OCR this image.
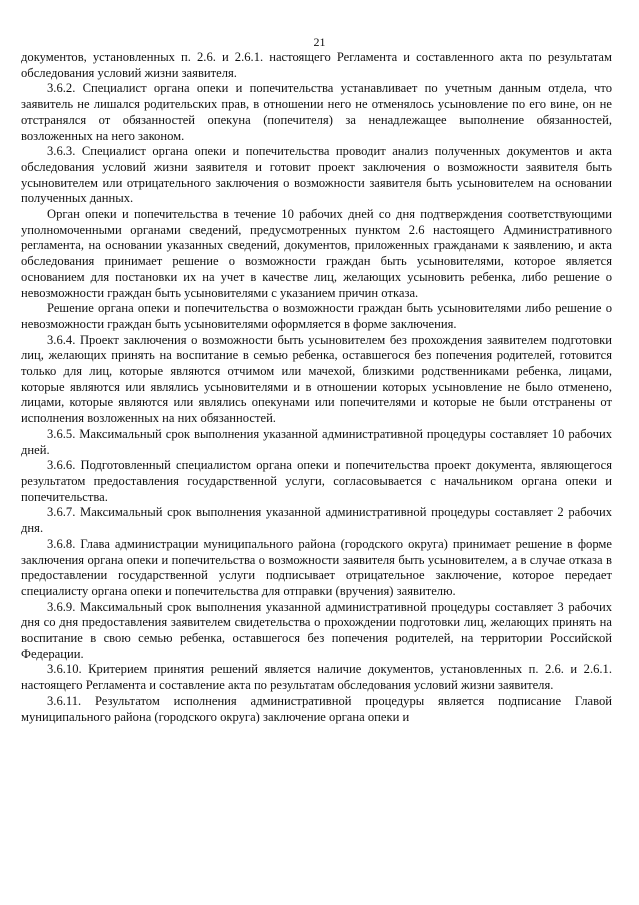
21

документов, установленных п. 2.6. и 2.6.1. настоящего Регламента и составленного акта по результатам обследования условий жизни заявителя.

3.6.2. Специалист органа опеки и попечительства устанавливает по учетным данным отдела, что заявитель не лишался родительских прав, в отношении него не отменялось усыновление по его вине, он не отстранялся от обязанностей опекуна (попечителя) за ненадлежащее выполнение обязанностей, возложенных на него законом.

3.6.3. Специалист органа опеки и попечительства проводит анализ полученных документов и акта обследования условий жизни заявителя и готовит проект заключения о возможности заявителя быть усыновителем или отрицательного заключения о возможности заявителя быть усыновителем на основании полученных данных.

Орган опеки и попечительства в течение 10 рабочих дней со дня подтверждения соответствующими уполномоченными органами сведений, предусмотренных пунктом 2.6 настоящего Административного регламента, на основании указанных сведений, документов, приложенных гражданами к заявлению, и акта обследования принимает решение о возможности граждан быть усыновителями, которое является основанием для постановки их на учет в качестве лиц, желающих усыновить ребенка, либо решение о невозможности граждан быть усыновителями с указанием причин отказа.

Решение органа опеки и попечительства о возможности граждан быть усыновителями либо решение о невозможности граждан быть усыновителями оформляется в форме заключения.

3.6.4. Проект заключения о возможности быть усыновителем без прохождения заявителем подготовки лиц, желающих принять на воспитание в семью ребенка, оставшегося без попечения родителей, готовится только для лиц, которые являются отчимом или мачехой, близкими родственниками ребенка, лицами, которые являются или являлись усыновителями и в отношении которых усыновление не было отменено, лицами, которые являются или являлись опекунами или попечителями и которые не были отстранены от исполнения возложенных на них обязанностей.

3.6.5. Максимальный срок выполнения указанной административной процедуры составляет 10 рабочих дней.

3.6.6. Подготовленный специалистом органа опеки и попечительства проект документа, являющегося результатом предоставления государственной услуги, согласовывается с начальником органа опеки и попечительства.

3.6.7. Максимальный срок выполнения указанной административной процедуры составляет 2 рабочих дня.

3.6.8. Глава администрации муниципального района (городского округа) принимает решение в форме заключения органа опеки и попечительства о возможности заявителя быть усыновителем, а в случае отказа в предоставлении государственной услуги подписывает отрицательное заключение, которое передает специалисту органа опеки и попечительства для отправки (вручения) заявителю.

3.6.9. Максимальный срок выполнения указанной административной процедуры составляет 3 рабочих дня со дня предоставления заявителем свидетельства о прохождении подготовки лиц, желающих принять на воспитание в свою семью ребенка, оставшегося без попечения родителей, на территории Российской Федерации.

3.6.10. Критерием принятия решений является наличие документов, установленных п. 2.6. и 2.6.1. настоящего Регламента и составление акта по результатам обследования условий жизни заявителя.

3.6.11. Результатом исполнения административной процедуры является подписание Главой муниципального района (городского округа) заключение органа опеки и
